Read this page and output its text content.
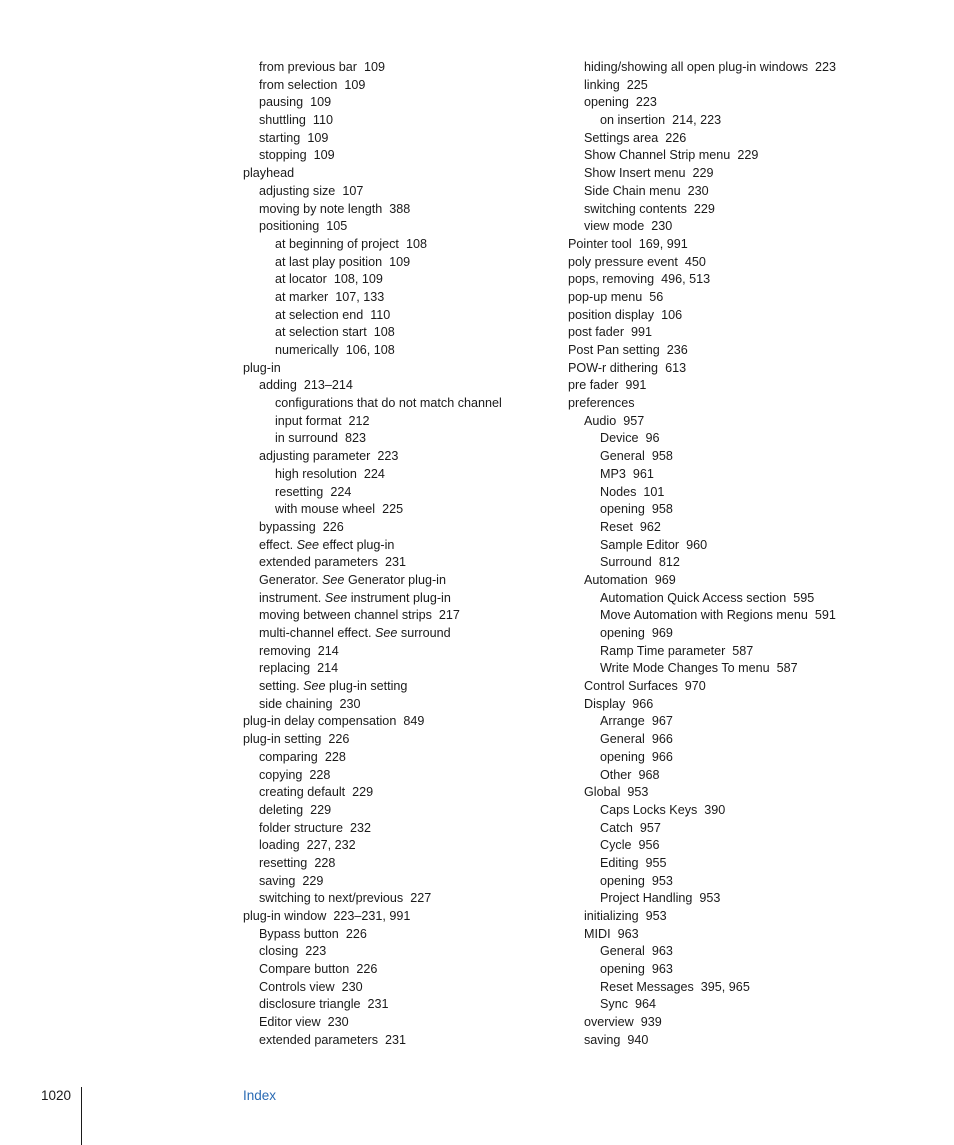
from previous bar 109
from selection 109
pausing 109
shuttling 110
starting 109
stopping 109
playhead
adjusting size 107
moving by note length 388
positioning 105
at beginning of project 108
at last play position 109
at locator 108, 109
at marker 107, 133
at selection end 110
at selection start 108
numerically 106, 108
plug-in
adding 213–214
configurations that do not match channel
input format 212
in surround 823
adjusting parameter 223
high resolution 224
resetting 224
with mouse wheel 225
bypassing 226
effect. See effect plug-in
extended parameters 231
Generator. See Generator plug-in
instrument. See instrument plug-in
moving between channel strips 217
multi-channel effect. See surround
removing 214
replacing 214
setting. See plug-in setting
side chaining 230
plug-in delay compensation 849
plug-in setting 226
comparing 228
copying 228
creating default 229
deleting 229
folder structure 232
loading 227, 232
resetting 228
saving 229
switching to next/previous 227
plug-in window 223–231, 991
Bypass button 226
closing 223
Compare button 226
Controls view 230
disclosure triangle 231
Editor view 230
extended parameters 231
hiding/showing all open plug-in windows 223
linking 225
opening 223
on insertion 214, 223
Settings area 226
Show Channel Strip menu 229
Show Insert menu 229
Side Chain menu 230
switching contents 229
view mode 230
Pointer tool 169, 991
poly pressure event 450
pops, removing 496, 513
pop-up menu 56
position display 106
post fader 991
Post Pan setting 236
POW-r dithering 613
pre fader 991
preferences
Audio 957
Device 96
General 958
MP3 961
Nodes 101
opening 958
Reset 962
Sample Editor 960
Surround 812
Automation 969
Automation Quick Access section 595
Move Automation with Regions menu 591
opening 969
Ramp Time parameter 587
Write Mode Changes To menu 587
Control Surfaces 970
Display 966
Arrange 967
General 966
opening 966
Other 968
Global 953
Caps Locks Keys 390
Catch 957
Cycle 956
Editing 955
opening 953
Project Handling 953
initializing 953
MIDI 963
General 963
opening 963
Reset Messages 395, 965
Sync 964
overview 939
saving 940
1020	Index
